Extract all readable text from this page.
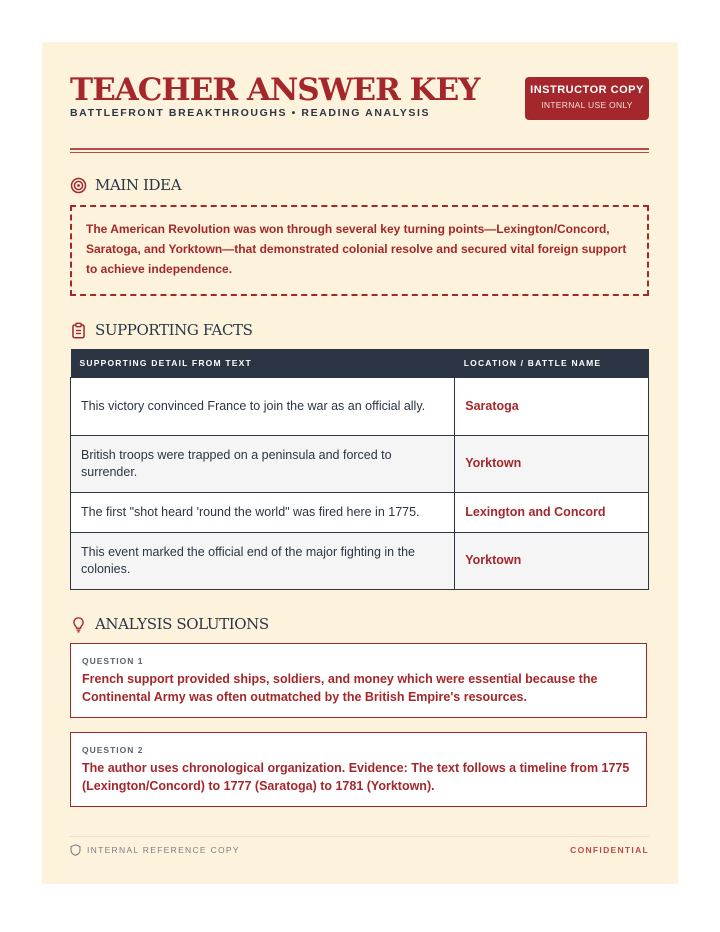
TEACHER ANSWER KEY
BATTLEFRONT BREAKTHROUGHS • READING ANALYSIS
INSTRUCTOR COPY
INTERNAL USE ONLY
MAIN IDEA
The American Revolution was won through several key turning points—Lexington/Concord, Saratoga, and Yorktown—that demonstrated colonial resolve and secured vital foreign support to achieve independence.
SUPPORTING FACTS
SUPPORTING DETAIL FROM TEXT	LOCATION / BATTLE NAME
This victory convinced France to join the war as an official ally.	Saratoga
British troops were trapped on a peninsula and forced to surrender.	Yorktown
The first "shot heard 'round the world" was fired here in 1775.	Lexington and Concord
This event marked the official end of the major fighting in the colonies.	Yorktown
ANALYSIS SOLUTIONS
QUESTION 1
French support provided ships, soldiers, and money which were essential because the Continental Army was often outmatched by the British Empire's resources.
QUESTION 2
The author uses chronological organization. Evidence: The text follows a timeline from 1775 (Lexington/Concord) to 1777 (Saratoga) to 1781 (Yorktown).
INTERNAL REFERENCE COPY	CONFIDENTIAL
